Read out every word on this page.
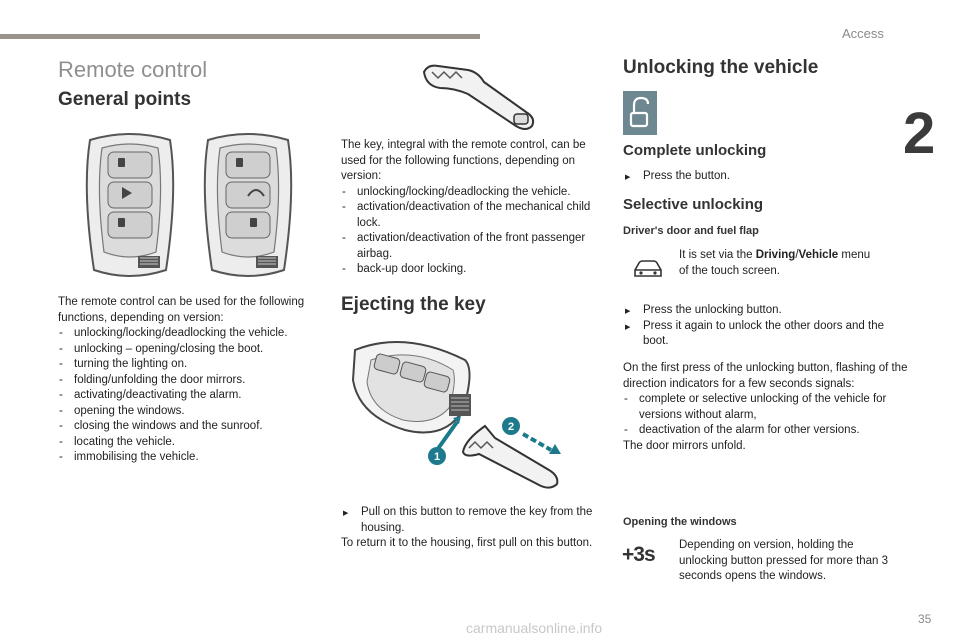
Access
2
Remote control
General points

The remote control can be used for the following functions, depending on version:

- unlocking/locking/deadlocking the vehicle.
- unlocking – opening/closing the boot.
- turning the lighting on.
- folding/unfolding the door mirrors.
- activating/deactivating the alarm.
- opening the windows.
- closing the windows and the sunroof.
- locating the vehicle.
- immobilising the vehicle.

The key, integral with the remote control, can be used for the following functions, depending on version:

- unlocking/locking/deadlocking the vehicle.
- activation/deactivation of the mechanical child lock.
- activation/deactivation of the front passenger airbag.
- back-up door locking.
Ejecting the key
1
2
▶ Pull on this button to remove the key from the housing.

To return it to the housing, first pull on this button.

Unlocking the vehicle
Complete unlocking
▶ Press the button.
Selective unlocking
Driver's door and fuel flap

It is set via the Driving/Vehicle menu of the touch screen.

▶ Press the unlocking button.
▶ Press it again to unlock the other doors and the boot.

On the first press of the unlocking button, flashing of the direction indicators for a few seconds signals:

- complete or selective unlocking of the vehicle for versions without alarm,
- deactivation of the alarm for other versions.

The door mirrors unfold.

Opening the windows
+3s Depending on version, holding the unlocking button pressed for more than 3 seconds opens the windows.

carmanualsonline.info
35
